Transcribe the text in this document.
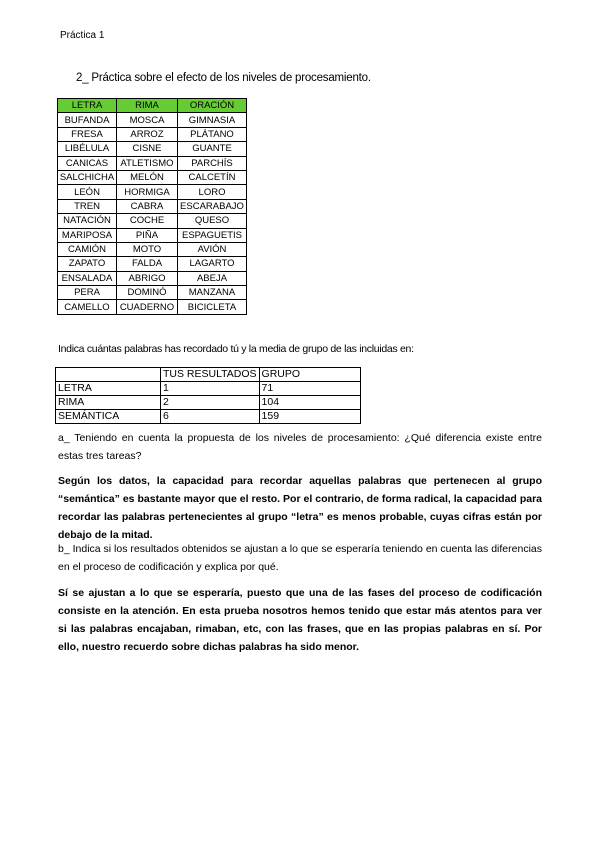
Práctica 1
2_ Práctica sobre el efecto de los niveles de procesamiento.
LETRA	RIMA	ORACIÓN
BUFANDA	MOSCA	GIMNASIA
FRESA	ARROZ	PLÁTANO
LIBÉLULA	CISNE	GUANTE
CANICAS	ATLETISMO	PARCHÍS
SALCHICHA	MELÓN	CALCETÍN
LEÓN	HORMIGA	LORO
TREN	CABRA	ESCARABAJO
NATACIÓN	COCHE	QUESO
MARIPOSA	PIÑA	ESPAGUETIS
CAMIÓN	MOTO	AVIÓN
ZAPATO	FALDA	LAGARTO
ENSALADA	ABRIGO	ABEJA
PERA	DOMINÓ	MANZANA
CAMELLO	CUADERNO	BICICLETA
Indica cuántas palabras has recordado tú y la media de grupo de las incluidas en:
	TUS RESULTADOS	GRUPO
LETRA	1	71
RIMA	2	104
SEMÁNTICA	6	159
a_ Teniendo en cuenta la propuesta de los niveles de procesamiento: ¿Qué diferencia existe entre estas tres tareas?
Según los datos, la capacidad para recordar aquellas palabras que pertenecen al grupo “semántica” es bastante mayor que el resto. Por el contrario, de forma radical, la capacidad para recordar las palabras pertenecientes al grupo “letra” es menos probable, cuyas cifras están por debajo de la mitad.
b_ Indica si los resultados obtenidos se ajustan a lo que se esperaría teniendo en cuenta las diferencias en el proceso de codificación y explica por qué.
Sí se ajustan a lo que se esperaría, puesto que una de las fases del proceso de codificación consiste en la atención. En esta prueba nosotros hemos tenido que estar más atentos para ver si las palabras encajaban, rimaban, etc, con las frases, que en las propias palabras en sí. Por ello, nuestro recuerdo sobre dichas palabras ha sido menor.
